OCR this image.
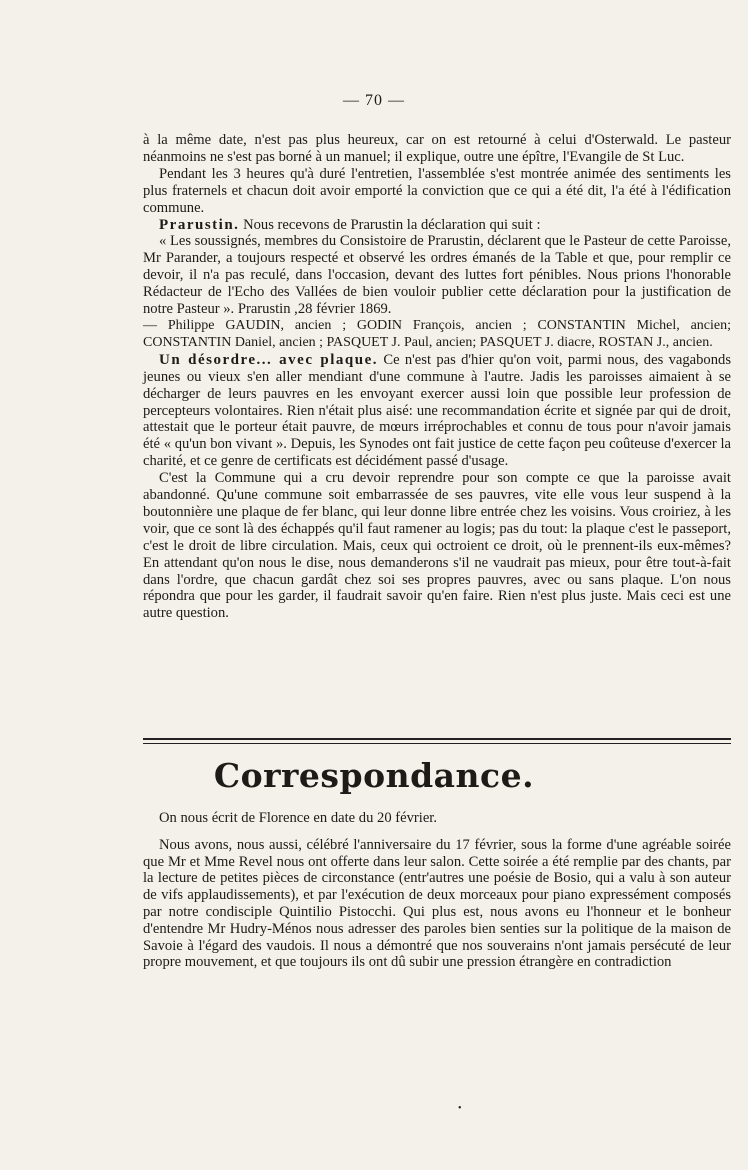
— 70 —

à la même date, n'est pas plus heureux, car on est retourné à celui d'Osterwald. Le pasteur néanmoins ne s'est pas borné à un manuel; il explique, outre une épître, l'Evangile de St Luc.

Pendant les 3 heures qu'à duré l'entretien, l'assemblée s'est montrée animée des sentiments les plus fraternels et chacun doit avoir emporté la conviction que ce qui a été dit, l'a été à l'édification commune.

Prarustin. Nous recevons de Prarustin la déclaration qui suit :

« Les soussignés, membres du Consistoire de Prarustin, déclarent que le Pasteur de cette Paroisse, Mr Parander, a toujours respecté et observé les ordres émanés de la Table et que, pour remplir ce devoir, il n'a pas reculé, dans l'occasion, devant des luttes fort pénibles. Nous prions l'honorable Rédacteur de l'Echo des Vallées de bien vouloir publier cette déclaration pour la justification de notre Pasteur ». Prarustin ,28 février 1869.

— Philippe GAUDIN, ancien ; GODIN François, ancien ; CONSTANTIN Michel, ancien; CONSTANTIN Daniel, ancien ; PASQUET J. Paul, ancien; PASQUET J. diacre, ROSTAN J., ancien.

Un désordre... avec plaque. Ce n'est pas d'hier qu'on voit, parmi nous, des vagabonds jeunes ou vieux s'en aller mendiant d'une commune à l'autre. Jadis les paroisses aimaient à se décharger de leurs pauvres en les envoyant exercer aussi loin que possible leur profession de percepteurs volontaires. Rien n'était plus aisé: une recommandation écrite et signée par qui de droit, attestait que le porteur était pauvre, de mœurs irréprochables et connu de tous pour n'avoir jamais été « qu'un bon vivant ». Depuis, les Synodes ont fait justice de cette façon peu coûteuse d'exercer la charité, et ce genre de certificats est décidément passé d'usage.

C'est la Commune qui a cru devoir reprendre pour son compte ce que la paroisse avait abandonné. Qu'une commune soit embarrassée de ses pauvres, vite elle vous leur suspend à la boutonnière une plaque de fer blanc, qui leur donne libre entrée chez les voisins. Vous croiriez, à les voir, que ce sont là des échappés qu'il faut ramener au logis; pas du tout: la plaque c'est le passeport, c'est le droit de libre circulation. Mais, ceux qui octroient ce droit, où le prennent-ils eux-mêmes? En attendant qu'on nous le dise, nous demanderons s'il ne vaudrait pas mieux, pour être tout-à-fait dans l'ordre, que chacun gardât chez soi ses propres pauvres, avec ou sans plaque. L'on nous répondra que pour les garder, il faudrait savoir qu'en faire. Rien n'est plus juste. Mais ceci est une autre question.

Correspondance.

On nous écrit de Florence en date du 20 février.

Nous avons, nous aussi, célébré l'anniversaire du 17 février, sous la forme d'une agréable soirée que Mr et Mme Revel nous ont offerte dans leur salon. Cette soirée a été remplie par des chants, par la lecture de petites pièces de circonstance (entr'autres une poésie de Bosio, qui a valu à son auteur de vifs applaudissements), et par l'exécution de deux morceaux pour piano expressément composés par notre condisciple Quintilio Pistocchi. Qui plus est, nous avons eu l'honneur et le bonheur d'entendre Mr Hudry-Ménos nous adresser des paroles bien senties sur la politique de la maison de Savoie à l'égard des vaudois. Il nous a démontré que nos souverains n'ont jamais persécuté de leur propre mouvement, et que toujours ils ont dû subir une pression étrangère en contradiction

•
